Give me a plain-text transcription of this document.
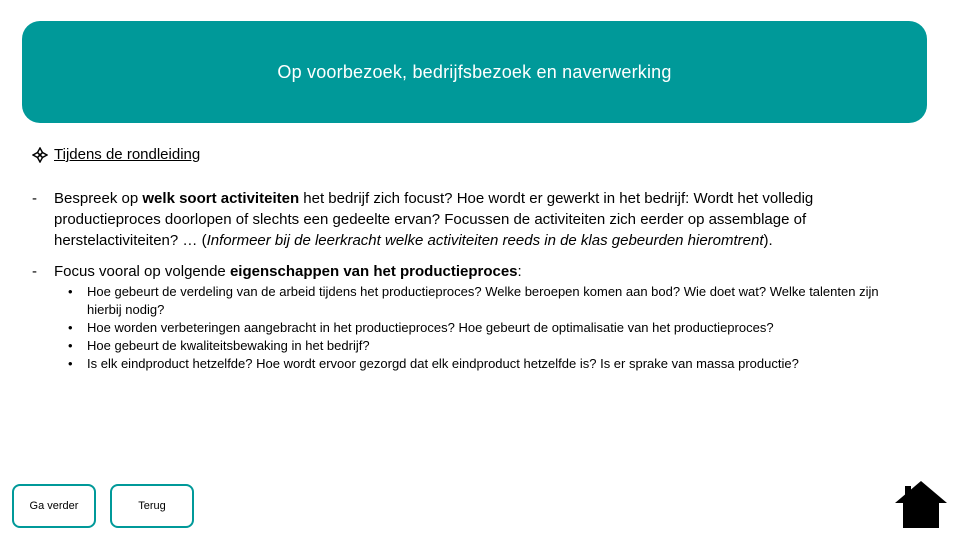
Op voorbezoek, bedrijfsbezoek en naverwerking
Tijdens de rondleiding
- Bespreek op welk soort activiteiten het bedrijf zich focust? Hoe wordt er gewerkt in het bedrijf: Wordt het volledig productieproces doorlopen of slechts een gedeelte ervan? Focussen de activiteiten zich eerder op assemblage of herstelactiviteiten? … (Informeer bij de leerkracht welke activiteiten reeds in de klas gebeurden hieromtrent).
- Focus vooral op volgende eigenschappen van het productieproces:
• Hoe gebeurt de verdeling van de arbeid tijdens het productieproces? Welke beroepen komen aan bod? Wie doet wat? Welke talenten zijn hierbij nodig?
• Hoe worden verbeteringen aangebracht in het productieproces? Hoe gebeurt de optimalisatie van het productieproces?
• Hoe gebeurt de kwaliteitsbewaking in het bedrijf?
• Is elk eindproduct hetzelfde? Hoe wordt ervoor gezorgd dat elk eindproduct hetzelfde is? Is er sprake van massa productie?
Ga verder	Terug
